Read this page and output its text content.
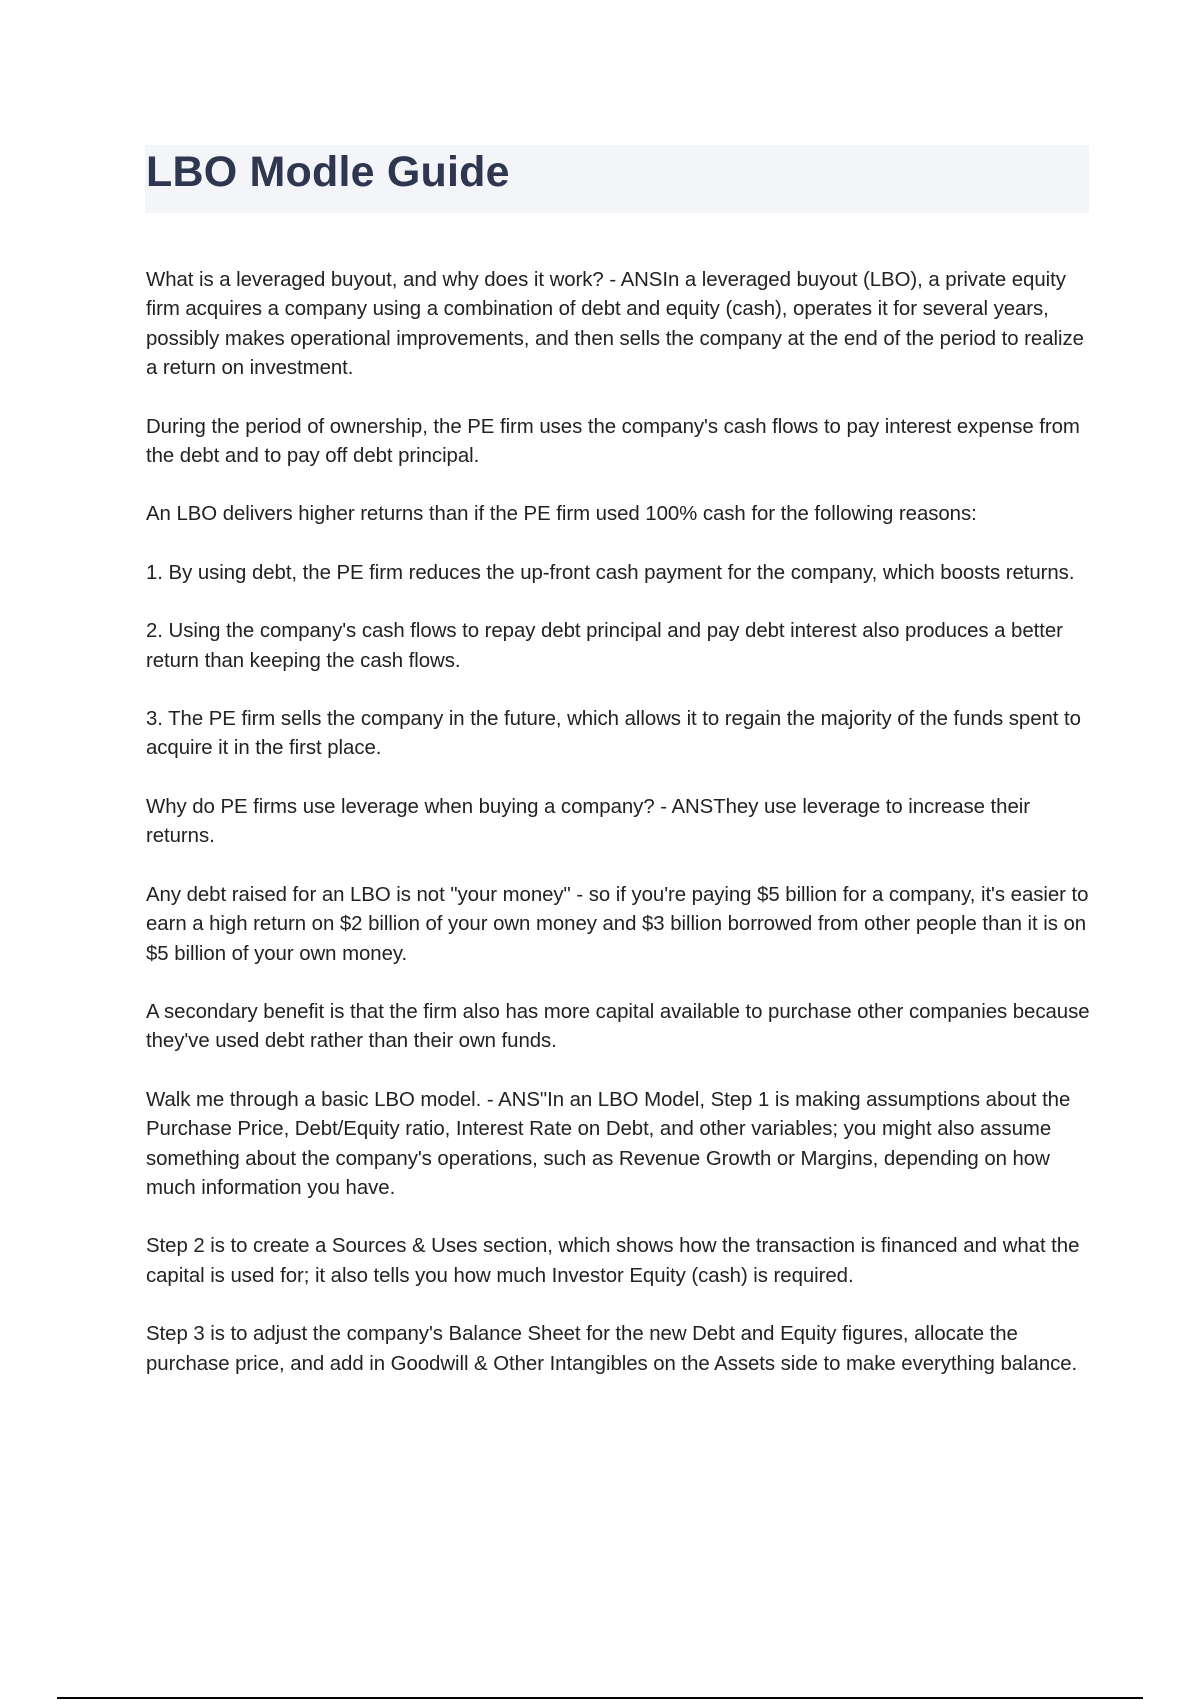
LBO Modle Guide

What is a leveraged buyout, and why does it work? - ANSIn a leveraged buyout (LBO), a private equity firm acquires a company using a combination of debt and equity (cash), operates it for several years, possibly makes operational improvements, and then sells the company at the end of the period to realize a return on investment.

During the period of ownership, the PE firm uses the company's cash flows to pay interest expense from the debt and to pay off debt principal.

An LBO delivers higher returns than if the PE firm used 100% cash for the following reasons:

1. By using debt, the PE firm reduces the up-front cash payment for the company, which boosts returns.

2. Using the company's cash flows to repay debt principal and pay debt interest also produces a better return than keeping the cash flows.

3. The PE firm sells the company in the future, which allows it to regain the majority of the funds spent to acquire it in the first place.

Why do PE firms use leverage when buying a company? - ANSThey use leverage to increase their returns.

Any debt raised for an LBO is not "your money" - so if you're paying $5 billion for a company, it's easier to earn a high return on $2 billion of your own money and $3 billion borrowed from other people than it is on $5 billion of your own money.

A secondary benefit is that the firm also has more capital available to purchase other companies because they've used debt rather than their own funds.

Walk me through a basic LBO model. - ANS"In an LBO Model, Step 1 is making assumptions about the Purchase Price, Debt/Equity ratio, Interest Rate on Debt, and other variables; you might also assume something about the company's operations, such as Revenue Growth or Margins, depending on how much information you have.

Step 2 is to create a Sources & Uses section, which shows how the transaction is financed and what the capital is used for; it also tells you how much Investor Equity (cash) is required.

Step 3 is to adjust the company's Balance Sheet for the new Debt and Equity figures, allocate the purchase price, and add in Goodwill & Other Intangibles on the Assets side to make everything balance.
